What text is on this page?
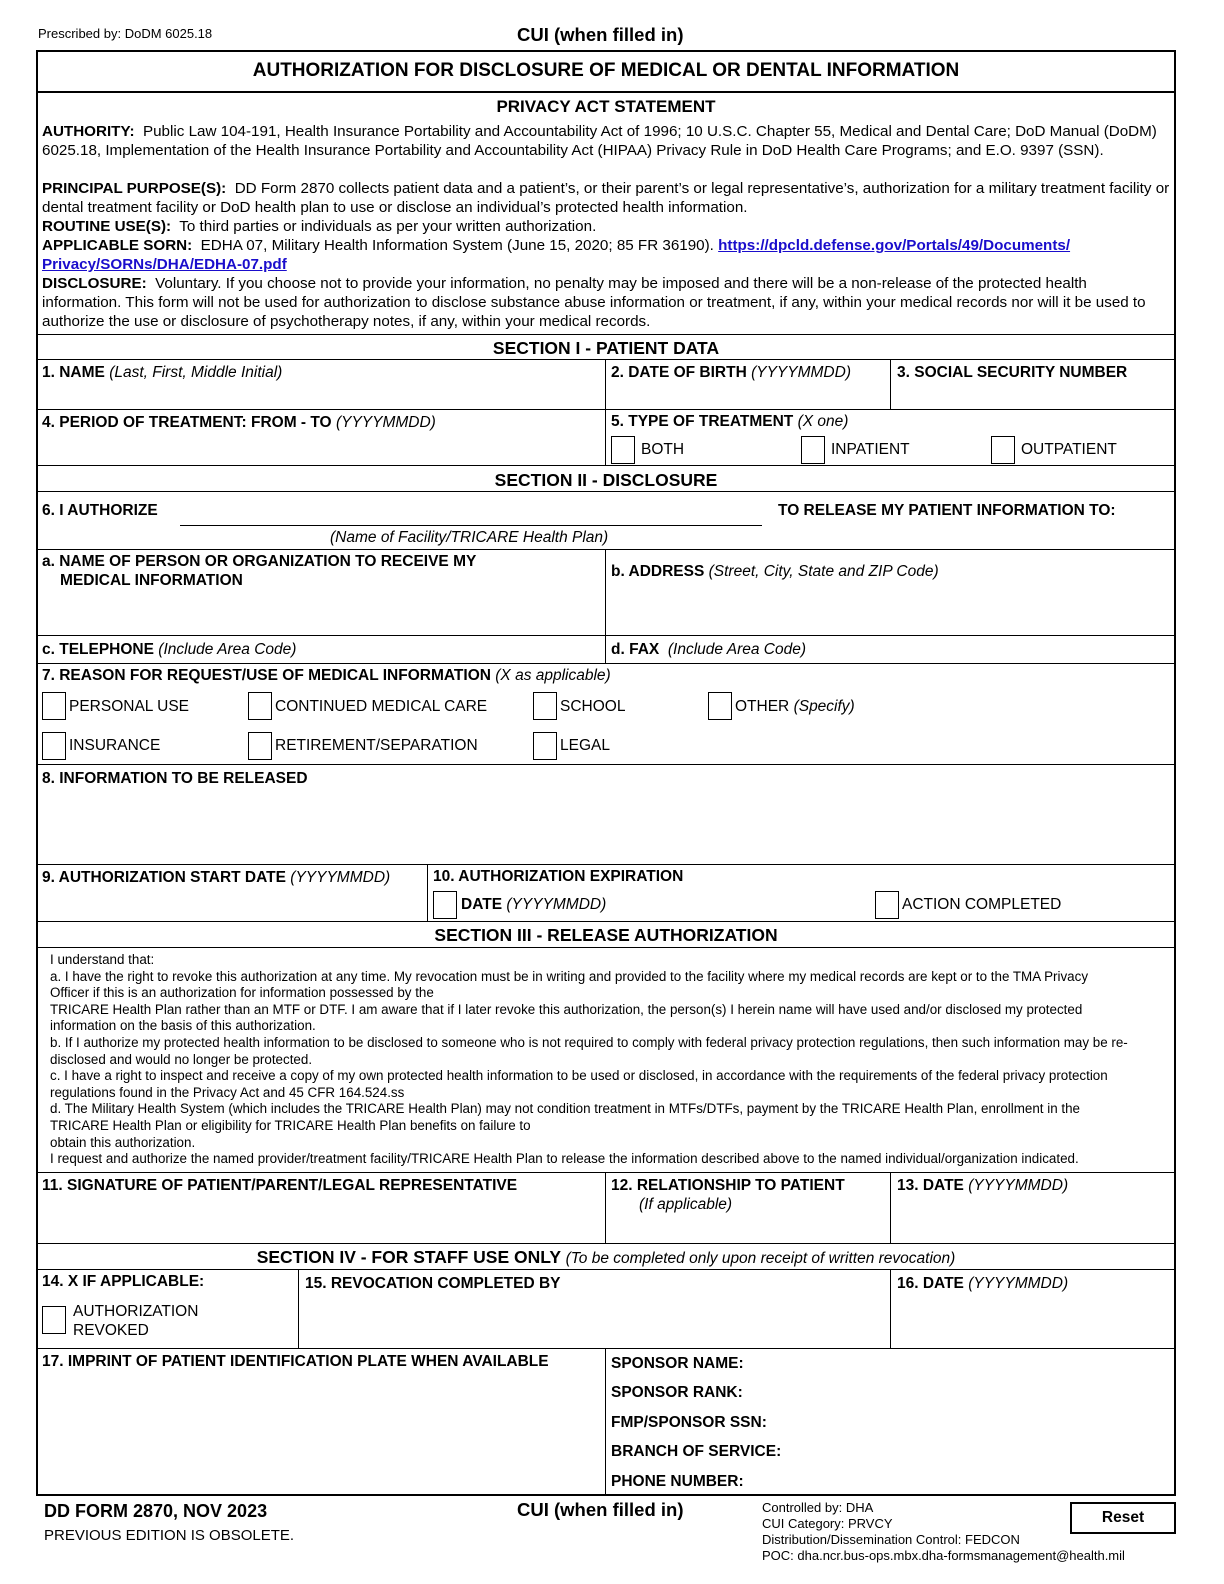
Prescribed by: DoDM 6025.18	CUI (when filled in)
AUTHORIZATION FOR DISCLOSURE OF MEDICAL OR DENTAL INFORMATION
PRIVACY ACT STATEMENT
AUTHORITY: Public Law 104-191, Health Insurance Portability and Accountability Act of 1996; 10 U.S.C. Chapter 55, Medical and Dental Care; DoD Manual (DoDM) 6025.18, Implementation of the Health Insurance Portability and Accountability Act (HIPAA) Privacy Rule in DoD Health Care Programs; and E.O. 9397 (SSN).
PRINCIPAL PURPOSE(S): DD Form 2870 collects patient data and a patient’s, or their parent’s or legal representative’s, authorization for a military treatment facility or dental treatment facility or DoD health plan to use or disclose an individual’s protected health information.
ROUTINE USE(S): To third parties or individuals as per your written authorization.
APPLICABLE SORN: EDHA 07, Military Health Information System (June 15, 2020; 85 FR 36190). https://dpcld.defense.gov/Portals/49/Documents/ Privacy/SORNs/DHA/EDHA-07.pdf
DISCLOSURE: Voluntary. If you choose not to provide your information, no penalty may be imposed and there will be a non-release of the protected health information. This form will not be used for authorization to disclose substance abuse information or treatment, if any, within your medical records nor will it be used to authorize the use or disclosure of psychotherapy notes, if any, within your medical records.
SECTION I - PATIENT DATA
1. NAME (Last, First, Middle Initial)	2. DATE OF BIRTH (YYYYMMDD)	3. SOCIAL SECURITY NUMBER
4. PERIOD OF TREATMENT: FROM - TO (YYYYMMDD)	5. TYPE OF TREATMENT (X one)
BOTH	INPATIENT	OUTPATIENT
SECTION II - DISCLOSURE
6. I AUTHORIZE	TO RELEASE MY PATIENT INFORMATION TO:
(Name of Facility/TRICARE Health Plan)
a. NAME OF PERSON OR ORGANIZATION TO RECEIVE MY
MEDICAL INFORMATION
b. ADDRESS (Street, City, State and ZIP Code)
c. TELEPHONE (Include Area Code)	d. FAX (Include Area Code)
7. REASON FOR REQUEST/USE OF MEDICAL INFORMATION (X as applicable)
PERSONAL USE	CONTINUED MEDICAL CARE	SCHOOL	OTHER (Specify)
INSURANCE	RETIREMENT/SEPARATION	LEGAL
8. INFORMATION TO BE RELEASED
9. AUTHORIZATION START DATE (YYYYMMDD)	10. AUTHORIZATION EXPIRATION
DATE (YYYYMMDD)	ACTION COMPLETED
SECTION III - RELEASE AUTHORIZATION
I understand that:
a. I have the right to revoke this authorization at any time. My revocation must be in writing and provided to the facility where my medical records are kept or to the TMA Privacy
Officer if this is an authorization for information possessed by the
TRICARE Health Plan rather than an MTF or DTF. I am aware that if I later revoke this authorization, the person(s) I herein name will have used and/or disclosed my protected
information on the basis of this authorization.
b. If I authorize my protected health information to be disclosed to someone who is not required to comply with federal privacy protection regulations, then such information may be re-
disclosed and would no longer be protected.
c. I have a right to inspect and receive a copy of my own protected health information to be used or disclosed, in accordance with the requirements of the federal privacy protection
regulations found in the Privacy Act and 45 CFR 164.524.ss
d. The Military Health System (which includes the TRICARE Health Plan) may not condition treatment in MTFs/DTFs, payment by the TRICARE Health Plan, enrollment in the
TRICARE Health Plan or eligibility for TRICARE Health Plan benefits on failure to
obtain this authorization.
I request and authorize the named provider/treatment facility/TRICARE Health Plan to release the information described above to the named individual/organization indicated.
11. SIGNATURE OF PATIENT/PARENT/LEGAL REPRESENTATIVE	12. RELATIONSHIP TO PATIENT
(If applicable)
13. DATE (YYYYMMDD)
SECTION IV - FOR STAFF USE ONLY (To be completed only upon receipt of written revocation)
14. X IF APPLICABLE:
AUTHORIZATION
REVOKED
15. REVOCATION COMPLETED BY	16. DATE (YYYYMMDD)
17. IMPRINT OF PATIENT IDENTIFICATION PLATE WHEN AVAILABLE	SPONSOR NAME:
SPONSOR RANK:
FMP/SPONSOR SSN:
BRANCH OF SERVICE:
PHONE NUMBER:
DD FORM 2870, NOV 2023
PREVIOUS EDITION IS OBSOLETE.
CUI (when filled in)	Controlled by: DHA
CUI Category: PRVCY
Distribution/Dissemination Control: FEDCON
POC: dha.ncr.bus-ops.mbx.dha-formsmanagement@health.mil
Reset
